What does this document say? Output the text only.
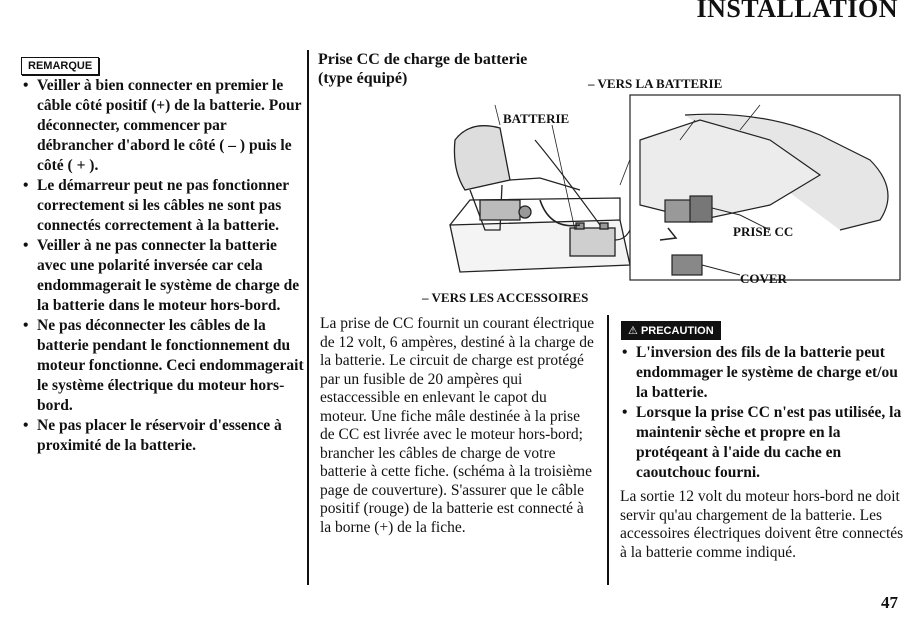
INSTALLATION
REMARQUE
• Veiller à bien connecter en premier le câble côté positif (+) de la batterie. Pour déconnecter, commencer par débrancher d'abord le côté ( – ) puis le côté ( + ).
• Le démarreur peut ne pas fonctionner correctement si les câbles ne sont pas connectés correctement à la batterie.
• Veiller à ne pas connecter la batterie avec une polarité inversée car cela endommagerait le système de charge de la batterie dans le moteur hors-bord.
• Ne pas déconnecter les câbles de la batterie pendant le fonctionnement du moteur fonctionne. Ceci endommagerait le système électrique du moteur hors-bord.
• Ne pas placer le réservoir d'essence à proximité de la batterie.
Prise CC de charge de batterie
(type équipé)	– VERS LA BATTERIE
BATTERIE
PRISE CC
COVER
– VERS LES ACCESSOIRES
La prise de CC fournit un courant électrique de 12 volt, 6 ampères, destiné à la charge de la batterie. Le circuit de charge est protégé par un fusible de 20 ampères qui estaccessible en enlevant le capot du moteur. Une fiche mâle destinée à la prise de CC est livrée avec le moteur hors-bord; brancher les câbles de charge de votre batterie à cette fiche. (schéma à la troisième page de couverture). S'assurer que le câble positif (rouge) de la batterie est connecté à la borne (+) de la fiche.
⚠ PRECAUTION
• L'inversion des fils de la batterie peut endommager le système de charge et/ou la batterie.
• Lorsque la prise CC n'est pas utilisée, la maintenir sèche et propre en la protéqeant à l'aide du cache en caoutchouc fourni.
La sortie 12 volt du moteur hors-bord ne doit servir qu'au chargement de la batterie. Les accessoires électriques doivent être connectés à la batterie comme indiqué.
47
